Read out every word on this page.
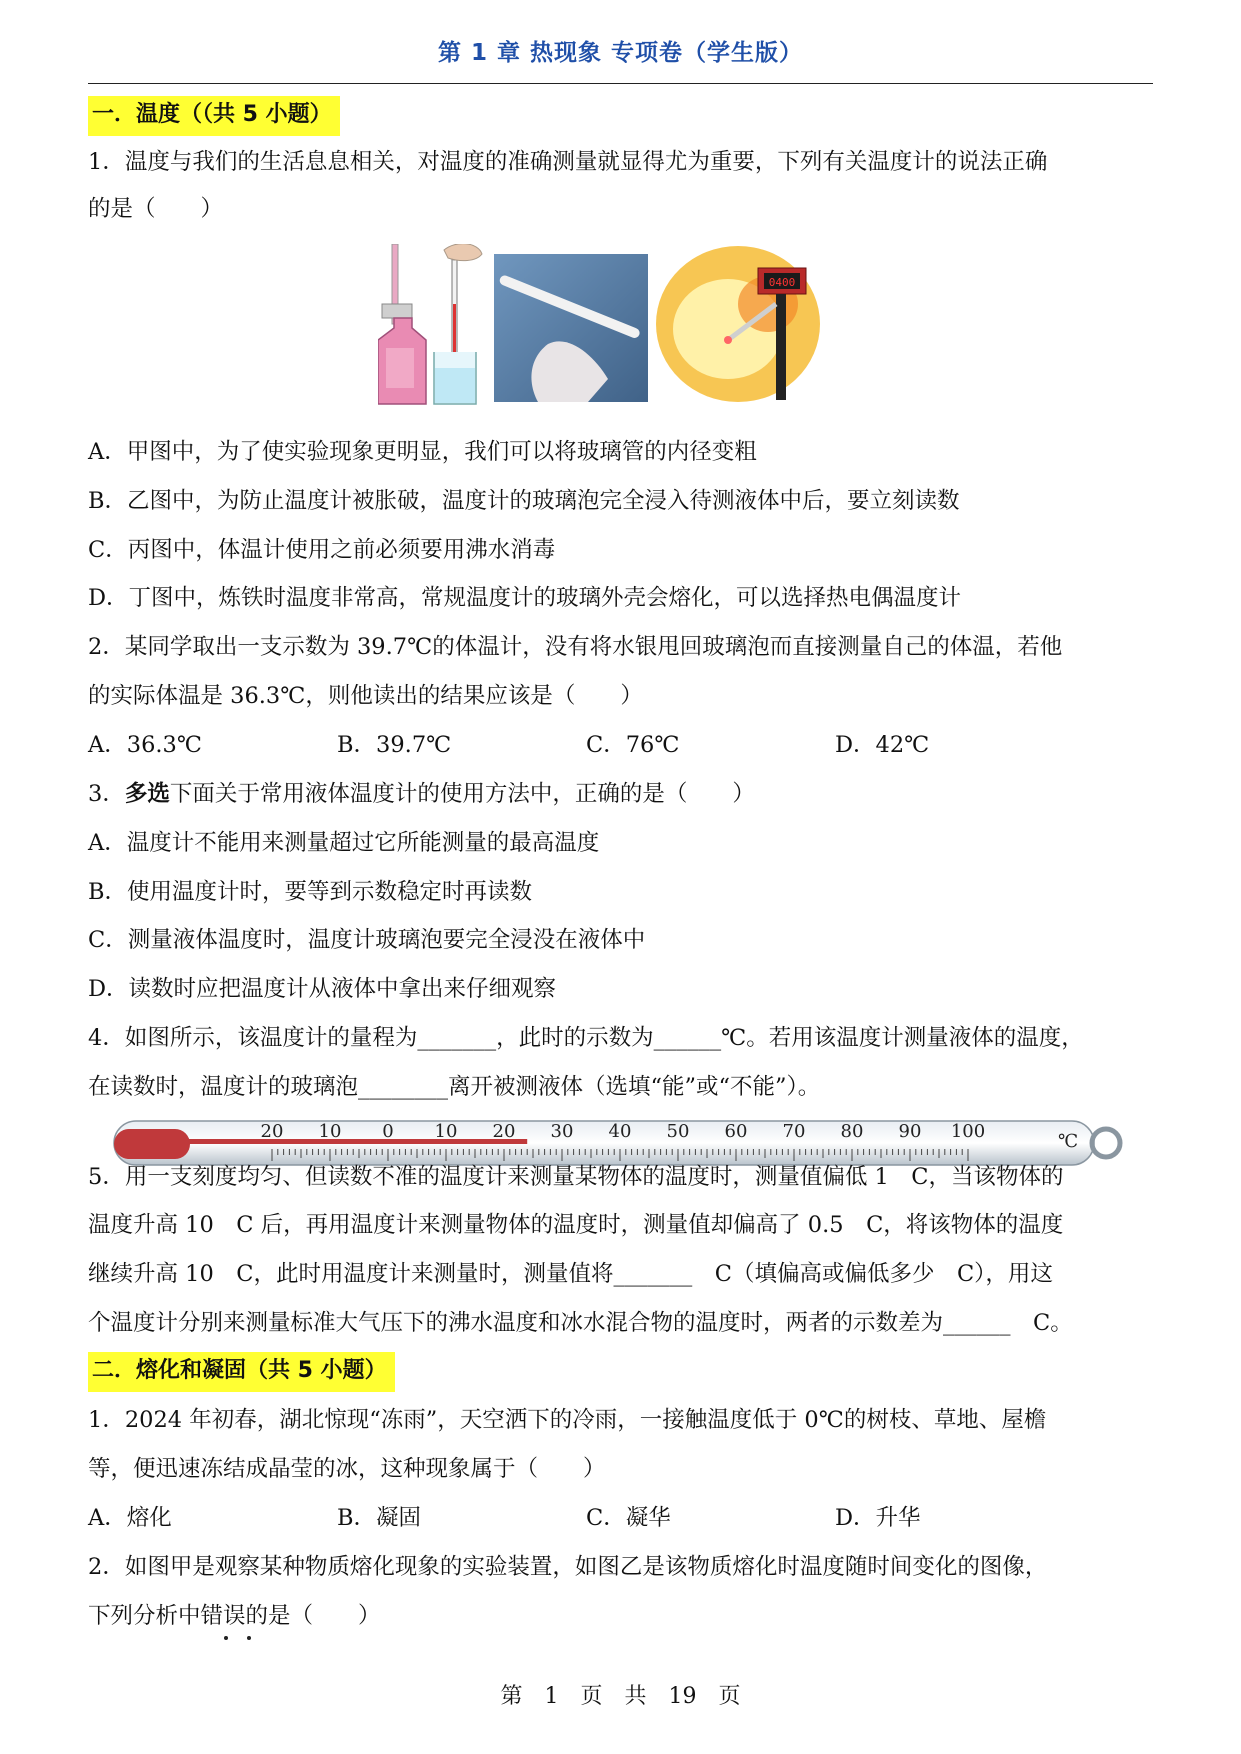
第 1 章 热现象 专项卷（学生版）
一．温度（（共 5 小题）
1．温度与我们的生活息息相关，对温度的准确测量就显得尤为重要，下列有关温度计的说法正确
的是（　　）
0400
A．甲图中，为了使实验现象更明显，我们可以将玻璃管的内径变粗
B．乙图中，为防止温度计被胀破，温度计的玻璃泡完全浸入待测液体中后，要立刻读数
C．丙图中，体温计使用之前必须要用沸水消毒
D．丁图中，炼铁时温度非常高，常规温度计的玻璃外壳会熔化，可以选择热电偶温度计
2．某同学取出一支示数为 39.7℃的体温计，没有将水银甩回玻璃泡而直接测量自己的体温，若他
的实际体温是 36.3℃，则他读出的结果应该是（　　）
A．36.3℃	B．39.7℃	C．76℃	D．42℃
3．多选下面关于常用液体温度计的使用方法中，正确的是（　　）
A．温度计不能用来测量超过它所能测量的最高温度
B．使用温度计时，要等到示数稳定时再读数
C．测量液体温度时，温度计玻璃泡要完全浸没在液体中
D．读数时应把温度计从液体中拿出来仔细观察
4．如图所示，该温度计的量程为_______，此时的示数为______℃。若用该温度计测量液体的温度，
在读数时，温度计的玻璃泡________离开被测液体（选填“能”或“不能”）。
20 10 0 10 20 30 40 50 60 70 80 90 100	℃
5．用一支刻度均匀、但读数不准的温度计来测量某物体的温度时，测量值偏低 1　C，当该物体的
温度升高 10　C 后，再用温度计来测量物体的温度时，测量值却偏高了 0.5　C，将该物体的温度
继续升高 10　C，此时用温度计来测量时，测量值将_______　C（填偏高或偏低多少　C），用这
个温度计分别来测量标准大气压下的沸水温度和冰水混合物的温度时，两者的示数差为______　C。
二．熔化和凝固（共 5 小题）
1．2024 年初春，湖北惊现“冻雨”，天空洒下的冷雨，一接触温度低于 0℃的树枝、草地、屋檐
等，便迅速冻结成晶莹的冰，这种现象属于（　　）
A．熔化	B．凝固	C．凝华	D．升华
2．如图甲是观察某种物质熔化现象的实验装置，如图乙是该物质熔化时温度随时间变化的图像，
下列分析中错误的是（　　）
第　1　页　共　19　页
